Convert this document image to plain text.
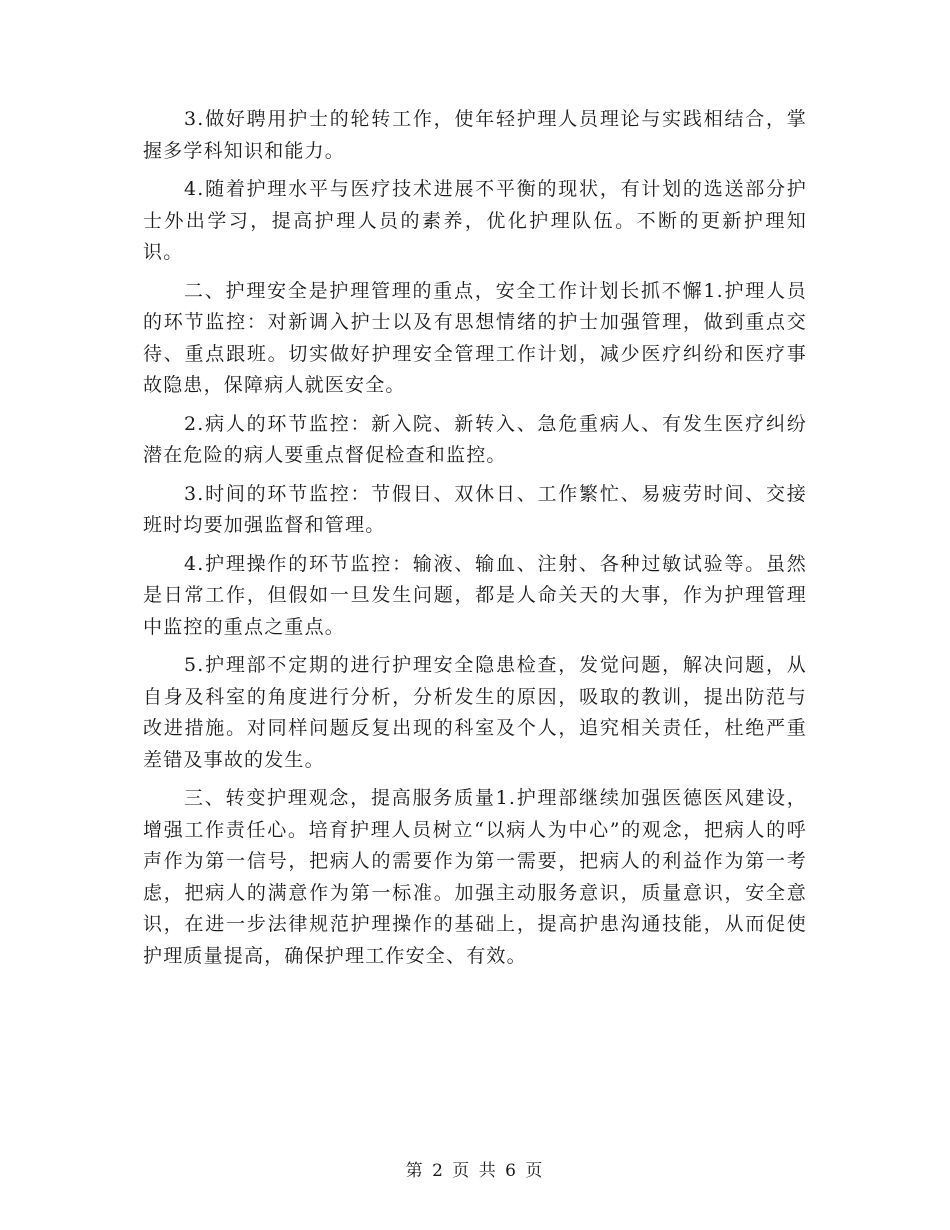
3.做好聘用护士的轮转工作，使年轻护理人员理论与实践相结合，掌握多学科知识和能力。

4.随着护理水平与医疗技术进展不平衡的现状，有计划的选送部分护士外出学习，提高护理人员的素养，优化护理队伍。不断的更新护理知识。

二、护理安全是护理管理的重点，安全工作计划长抓不懈1.护理人员的环节监控：对新调入护士以及有思想情绪的护士加强管理，做到重点交待、重点跟班。切实做好护理安全管理工作计划，减少医疗纠纷和医疗事故隐患，保障病人就医安全。

2.病人的环节监控：新入院、新转入、急危重病人、有发生医疗纠纷潜在危险的病人要重点督促检查和监控。

3.时间的环节监控：节假日、双休日、工作繁忙、易疲劳时间、交接班时均要加强监督和管理。

4.护理操作的环节监控：输液、输血、注射、各种过敏试验等。虽然是日常工作，但假如一旦发生问题，都是人命关天的大事，作为护理管理中监控的重点之重点。

5.护理部不定期的进行护理安全隐患检查，发觉问题，解决问题，从自身及科室的角度进行分析，分析发生的原因，吸取的教训，提出防范与改进措施。对同样问题反复出现的科室及个人，追究相关责任，杜绝严重差错及事故的发生。

三、转变护理观念，提高服务质量1.护理部继续加强医德医风建设，增强工作责任心。培育护理人员树立“以病人为中心”的观念，把病人的呼声作为第一信号，把病人的需要作为第一需要，把病人的利益作为第一考虑，把病人的满意作为第一标准。加强主动服务意识，质量意识，安全意识，在进一步法律规范护理操作的基础上，提高护患沟通技能，从而促使护理质量提高，确保护理工作安全、有效。

第 2 页 共 6 页
